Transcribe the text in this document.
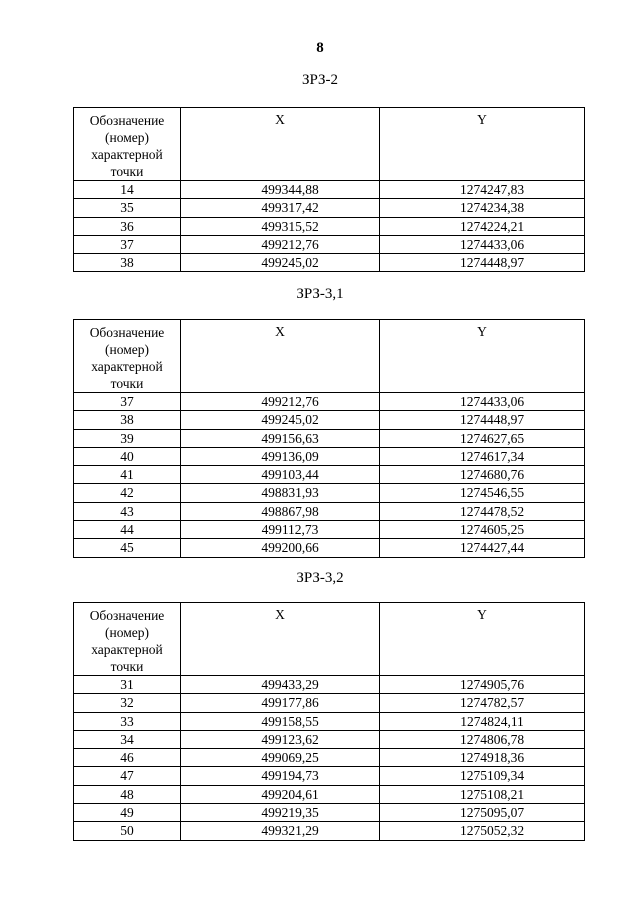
8
ЗРЗ-2
Обозначение
(номер)
характерной
точки	X	Y
14	499344,88	1274247,83
35	499317,42	1274234,38
36	499315,52	1274224,21
37	499212,76	1274433,06
38	499245,02	1274448,97
ЗРЗ-3,1
Обозначение
(номер)
характерной
точки	X	Y
37	499212,76	1274433,06
38	499245,02	1274448,97
39	499156,63	1274627,65
40	499136,09	1274617,34
41	499103,44	1274680,76
42	498831,93	1274546,55
43	498867,98	1274478,52
44	499112,73	1274605,25
45	499200,66	1274427,44
ЗРЗ-3,2
Обозначение
(номер)
характерной
точки	X	Y
31	499433,29	1274905,76
32	499177,86	1274782,57
33	499158,55	1274824,11
34	499123,62	1274806,78
46	499069,25	1274918,36
47	499194,73	1275109,34
48	499204,61	1275108,21
49	499219,35	1275095,07
50	499321,29	1275052,32
